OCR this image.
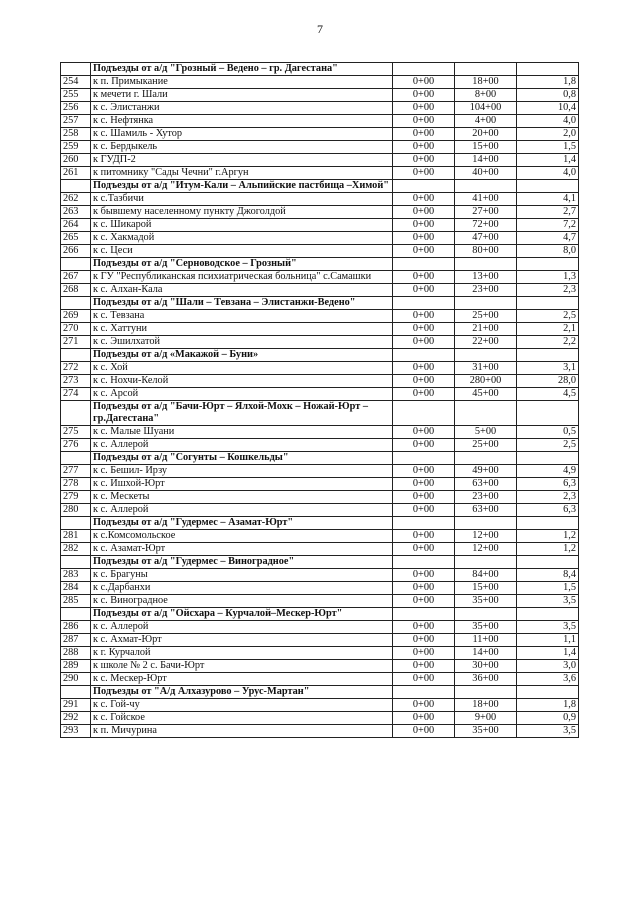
7
	Подъезды от а/д "Грозный – Ведено – гр. Дагестана"			
254	к п. Примыкание	0+00	18+00	1,8
255	к мечети г. Шали	0+00	8+00	0,8
256	к с. Элистанжи	0+00	104+00	10,4
257	к с. Нефтянка	0+00	4+00	4,0
258	к с. Шамиль - Хутор	0+00	20+00	2,0
259	к с. Бердыкель	0+00	15+00	1,5
260	к ГУДП-2	0+00	14+00	1,4
261	к питомнику "Сады Чечни" г.Аргун	0+00	40+00	4,0
	Подъезды от а/д "Итум-Кали – Альпийские пастбища –Химой"			
262	к с.Тазбичи	0+00	41+00	4,1
263	к бывшему населенному пункту Джоголдой	0+00	27+00	2,7
264	к с. Шикарой	0+00	72+00	7,2
265	к с. Хакмадой	0+00	47+00	4,7
266	к с. Цеси	0+00	80+00	8,0
	Подъезды от а/д "Серноводское – Грозный"			
267	к ГУ "Республиканская психиатрическая больница" с.Самашки	0+00	13+00	1,3
268	к с. Алхан-Кала	0+00	23+00	2,3
	Подъезды от а/д "Шали – Тевзана – Элистанжи-Ведено"			
269	к с. Тевзана	0+00	25+00	2,5
270	к с. Хаттуни	0+00	21+00	2,1
271	к с. Эшилхатой	0+00	22+00	2,2
	Подъезды от а/д «Макажой – Буни»			
272	к с. Хой	0+00	31+00	3,1
273	к с. Нохчи-Келой	0+00	280+00	28,0
274	к с. Арсой	0+00	45+00	4,5
	Подъезды от а/д "Бачи-Юрт – Ялхой-Мохк – Ножай-Юрт – гр.Дагестана"			
275	к с. Малые Шуани	0+00	5+00	0,5
276	к с. Аллерой	0+00	25+00	2,5
	Подъезды от а/д "Согунты – Кошкельды"			
277	к с. Бешил- Ирзу	0+00	49+00	4,9
278	к с. Ишхой-Юрт	0+00	63+00	6,3
279	к с. Мескеты	0+00	23+00	2,3
280	к с. Аллерой	0+00	63+00	6,3
	Подъезды от а/д "Гудермес – Азамат-Юрт"			
281	к с.Комсомольское	0+00	12+00	1,2
282	к с. Азамат-Юрт	0+00	12+00	1,2
	Подъезды от а/д "Гудермес – Виноградное"			
283	к с. Брагуны	0+00	84+00	8,4
284	к с.Дарбанхи	0+00	15+00	1,5
285	к с. Виноградное	0+00	35+00	3,5
	Подъезды от а/д "Ойсхара – Курчалой–Мескер-Юрт"			
286	к с. Аллерой	0+00	35+00	3,5
287	к с. Ахмат-Юрт	0+00	11+00	1,1
288	к г. Курчалой	0+00	14+00	1,4
289	к школе № 2 с. Бачи-Юрт	0+00	30+00	3,0
290	к с. Мескер-Юрт	0+00	36+00	3,6
	Подъезды от "А/д Алхазурово – Урус-Мартан"			
291	к с. Гой-чу	0+00	18+00	1,8
292	к с. Гойское	0+00	9+00	0,9
293	к п. Мичурина	0+00	35+00	3,5
